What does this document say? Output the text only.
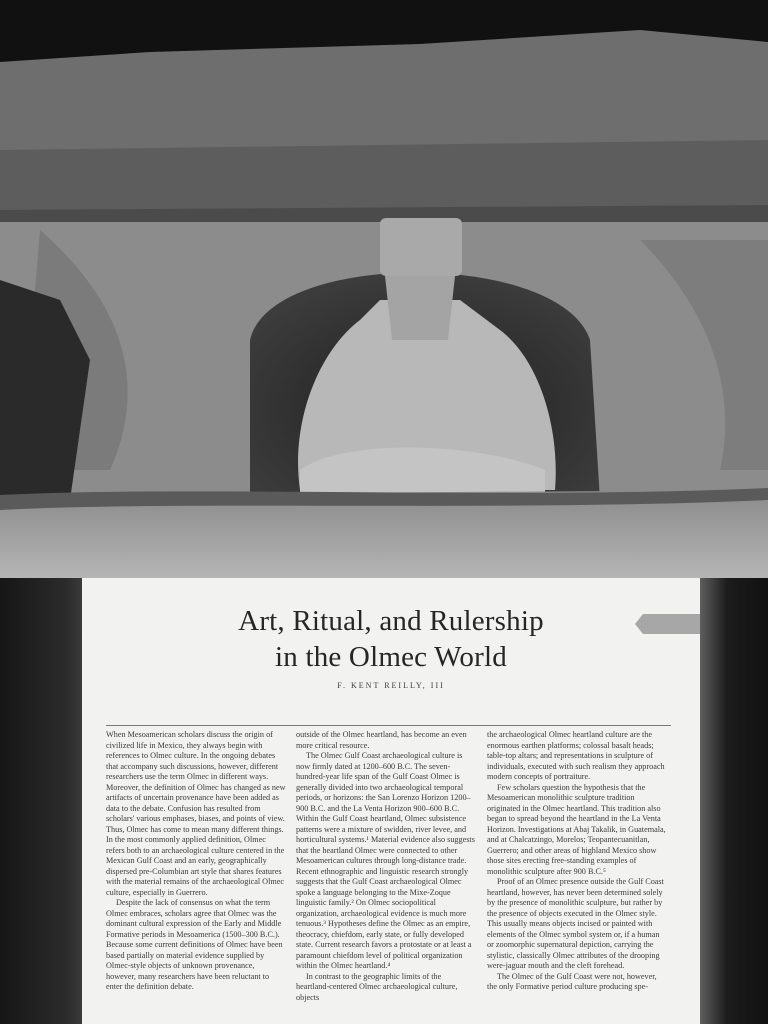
Art, Ritual, and Rulership
in the Olmec World
F. KENT REILLY, III

When Mesoamerican scholars discuss the origin of civilized life in Mexico, they always begin with references to Olmec culture. In the ongoing debates that accompany such discussions, however, different researchers use the term Olmec in different ways. Moreover, the definition of Olmec has changed as new artifacts of uncertain provenance have been added as data to the debate. Confusion has resulted from scholars' various emphases, biases, and points of view. Thus, Olmec has come to mean many different things. In the most commonly applied definition, Olmec refers both to an archaeological culture centered in the Mexican Gulf Coast and an early, geographically dispersed pre-Columbian art style that shares features with the material remains of the archaeological Olmec culture, especially in Guerrero.

Despite the lack of consensus on what the term Olmec embraces, scholars agree that Olmec was the dominant cultural expression of the Early and Middle Formative periods in Mesoamerica (1500–300 B.C.). Because some current definitions of Olmec have been based partially on material evidence supplied by Olmec-style objects of unknown provenance, however, many researchers have been reluctant to enter the definition debate.

outside of the Olmec heartland, has become an even more critical resource.

The Olmec Gulf Coast archaeological culture is now firmly dated at 1200–600 B.C. The seven-hundred-year life span of the Gulf Coast Olmec is generally divided into two archaeological temporal periods, or horizons: the San Lorenzo Horizon 1200–900 B.C. and the La Venta Horizon 900–600 B.C. Within the Gulf Coast heartland, Olmec subsistence patterns were a mixture of swidden, river levee, and horticultural systems.¹ Material evidence also suggests that the heartland Olmec were connected to other Mesoamerican cultures through long-distance trade. Recent ethnographic and linguistic research strongly suggests that the Gulf Coast archaeological Olmec spoke a language belonging to the Mixe-Zoque linguistic family.² On Olmec sociopolitical organization, archaeological evidence is much more tenuous.³ Hypotheses define the Olmec as an empire, theocracy, chiefdom, early state, or fully developed state. Current research favors a protostate or at least a paramount chiefdom level of political organization within the Olmec heartland.⁴

In contrast to the geographic limits of the heartland-centered Olmec archaeological culture, objects

the archaeological Olmec heartland culture are the enormous earthen platforms; colossal basalt heads; table-top altars; and representations in sculpture of individuals, executed with such realism they approach modern concepts of portraiture.

Few scholars question the hypothesis that the Mesoamerican monolithic sculpture tradition originated in the Olmec heartland. This tradition also began to spread beyond the heartland in the La Venta Horizon. Investigations at Abaj Takalik, in Guatemala, and at Chalcatzingo, Morelos; Teopantecuanitlan, Guerrero; and other areas of highland Mexico show those sites erecting free-standing examples of monolithic sculpture after 900 B.C.⁵

Proof of an Olmec presence outside the Gulf Coast heartland, however, has never been determined solely by the presence of monolithic sculpture, but rather by the presence of objects executed in the Olmec style. This usually means objects incised or painted with elements of the Olmec symbol system or, if a human or zoomorphic supernatural depiction, carrying the stylistic, classically Olmec attributes of the drooping were-jaguar mouth and the cleft forehead.

The Olmec of the Gulf Coast were not, however, the only Formative period culture producing spe-
